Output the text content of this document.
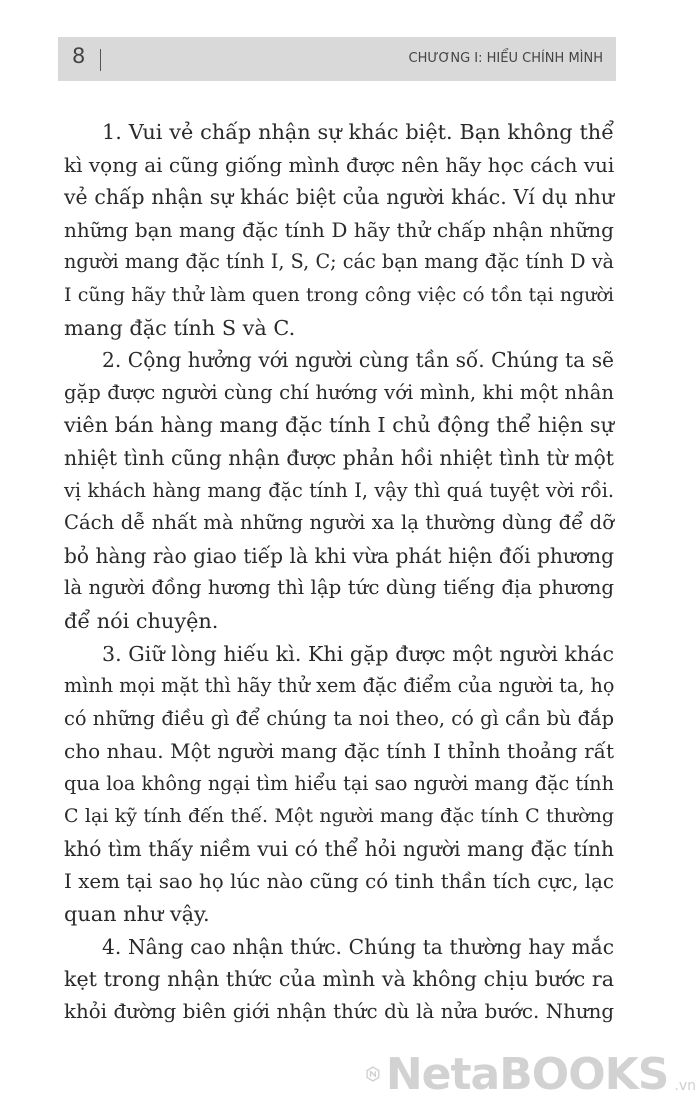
8	CHƯƠNG I: HIỂU CHÍNH MÌNH

1. Vui vẻ chấp nhận sự khác biệt. Bạn không thể
kì vọng ai cũng giống mình được nên hãy học cách vui
vẻ chấp nhận sự khác biệt của người khác. Ví dụ như
những bạn mang đặc tính D hãy thử chấp nhận những
người mang đặc tính I, S, C; các bạn mang đặc tính D và
I cũng hãy thử làm quen trong công việc có tồn tại người
mang đặc tính S và C.

2. Cộng hưởng với người cùng tần số. Chúng ta sẽ
gặp được người cùng chí hướng với mình, khi một nhân
viên bán hàng mang đặc tính I chủ động thể hiện sự
nhiệt tình cũng nhận được phản hồi nhiệt tình từ một
vị khách hàng mang đặc tính I, vậy thì quá tuyệt vời rồi.
Cách dễ nhất mà những người xa lạ thường dùng để dỡ
bỏ hàng rào giao tiếp là khi vừa phát hiện đối phương
là người đồng hương thì lập tức dùng tiếng địa phương
để nói chuyện.

3. Giữ lòng hiếu kì. Khi gặp được một người khác
mình mọi mặt thì hãy thử xem đặc điểm của người ta, họ
có những điều gì để chúng ta noi theo, có gì cần bù đắp
cho nhau. Một người mang đặc tính I thỉnh thoảng rất
qua loa không ngại tìm hiểu tại sao người mang đặc tính
C lại kỹ tính đến thế. Một người mang đặc tính C thường
khó tìm thấy niềm vui có thể hỏi người mang đặc tính
I xem tại sao họ lúc nào cũng có tinh thần tích cực, lạc
quan như vậy.

4. Nâng cao nhận thức. Chúng ta thường hay mắc
kẹt trong nhận thức của mình và không chịu bước ra
khỏi đường biên giới nhận thức dù là nửa bước. Nhưng

NetaBOOKS .vn
